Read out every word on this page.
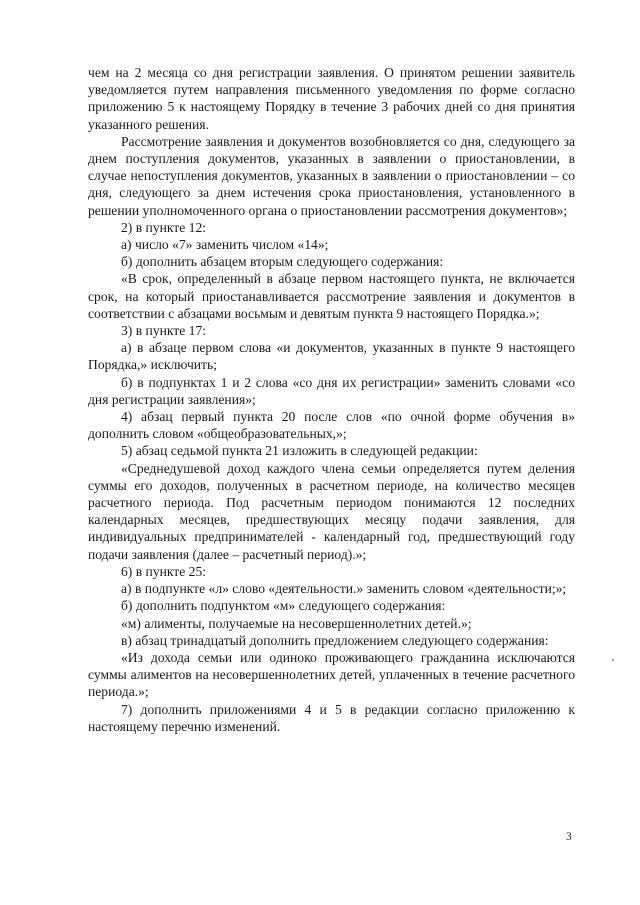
чем на 2 месяца со дня регистрации заявления. О принятом решении заявитель уведомляется путем направления письменного уведомления по форме согласно приложению 5 к настоящему Порядку в течение 3 рабочих дней со дня принятия указанного решения.

Рассмотрение заявления и документов возобновляется со дня, следующего за днем поступления документов, указанных в заявлении о приостановлении, в случае непоступления документов, указанных в заявлении о приостановлении – со дня, следующего за днем истечения срока приостановления, установленного в решении уполномоченного органа о приостановлении рассмотрения документов»;

2) в пункте 12:

а) число «7» заменить числом «14»;

б) дополнить абзацем вторым следующего содержания:

«В срок, определенный в абзаце первом настоящего пункта, не включается срок, на который приостанавливается рассмотрение заявления и документов в соответствии с абзацами восьмым и девятым пункта 9 настоящего Порядка.»;

3) в пункте 17:

а) в абзаце первом слова «и документов, указанных в пункте 9 настоящего Порядка,» исключить;

б) в подпунктах 1 и 2 слова «со дня их регистрации» заменить словами «со дня регистрации заявления»;

4) абзац первый пункта 20 после слов «по очной форме обучения в» дополнить словом «общеобразовательных,»;

5) абзац седьмой пункта 21 изложить в следующей редакции:

«Среднедушевой доход каждого члена семьи определяется путем деления суммы его доходов, полученных в расчетном периоде, на количество месяцев расчетного периода. Под расчетным периодом понимаются 12 последних календарных месяцев, предшествующих месяцу подачи заявления, для индивидуальных предпринимателей - календарный год, предшествующий году подачи заявления (далее – расчетный период).»;

6) в пункте 25:

а) в подпункте «л» слово «деятельности.» заменить словом «деятельности;»;

б) дополнить подпунктом «м» следующего содержания:

«м) алименты, получаемые на несовершеннолетних детей.»;

в) абзац тринадцатый дополнить предложением следующего содержания:

«Из дохода семьи или одиноко проживающего гражданина исключаются суммы алиментов на несовершеннолетних детей, уплаченных в течение расчетного периода.»;

7) дополнить приложениями 4 и 5 в редакции согласно приложению к настоящему перечню изменений.

3
